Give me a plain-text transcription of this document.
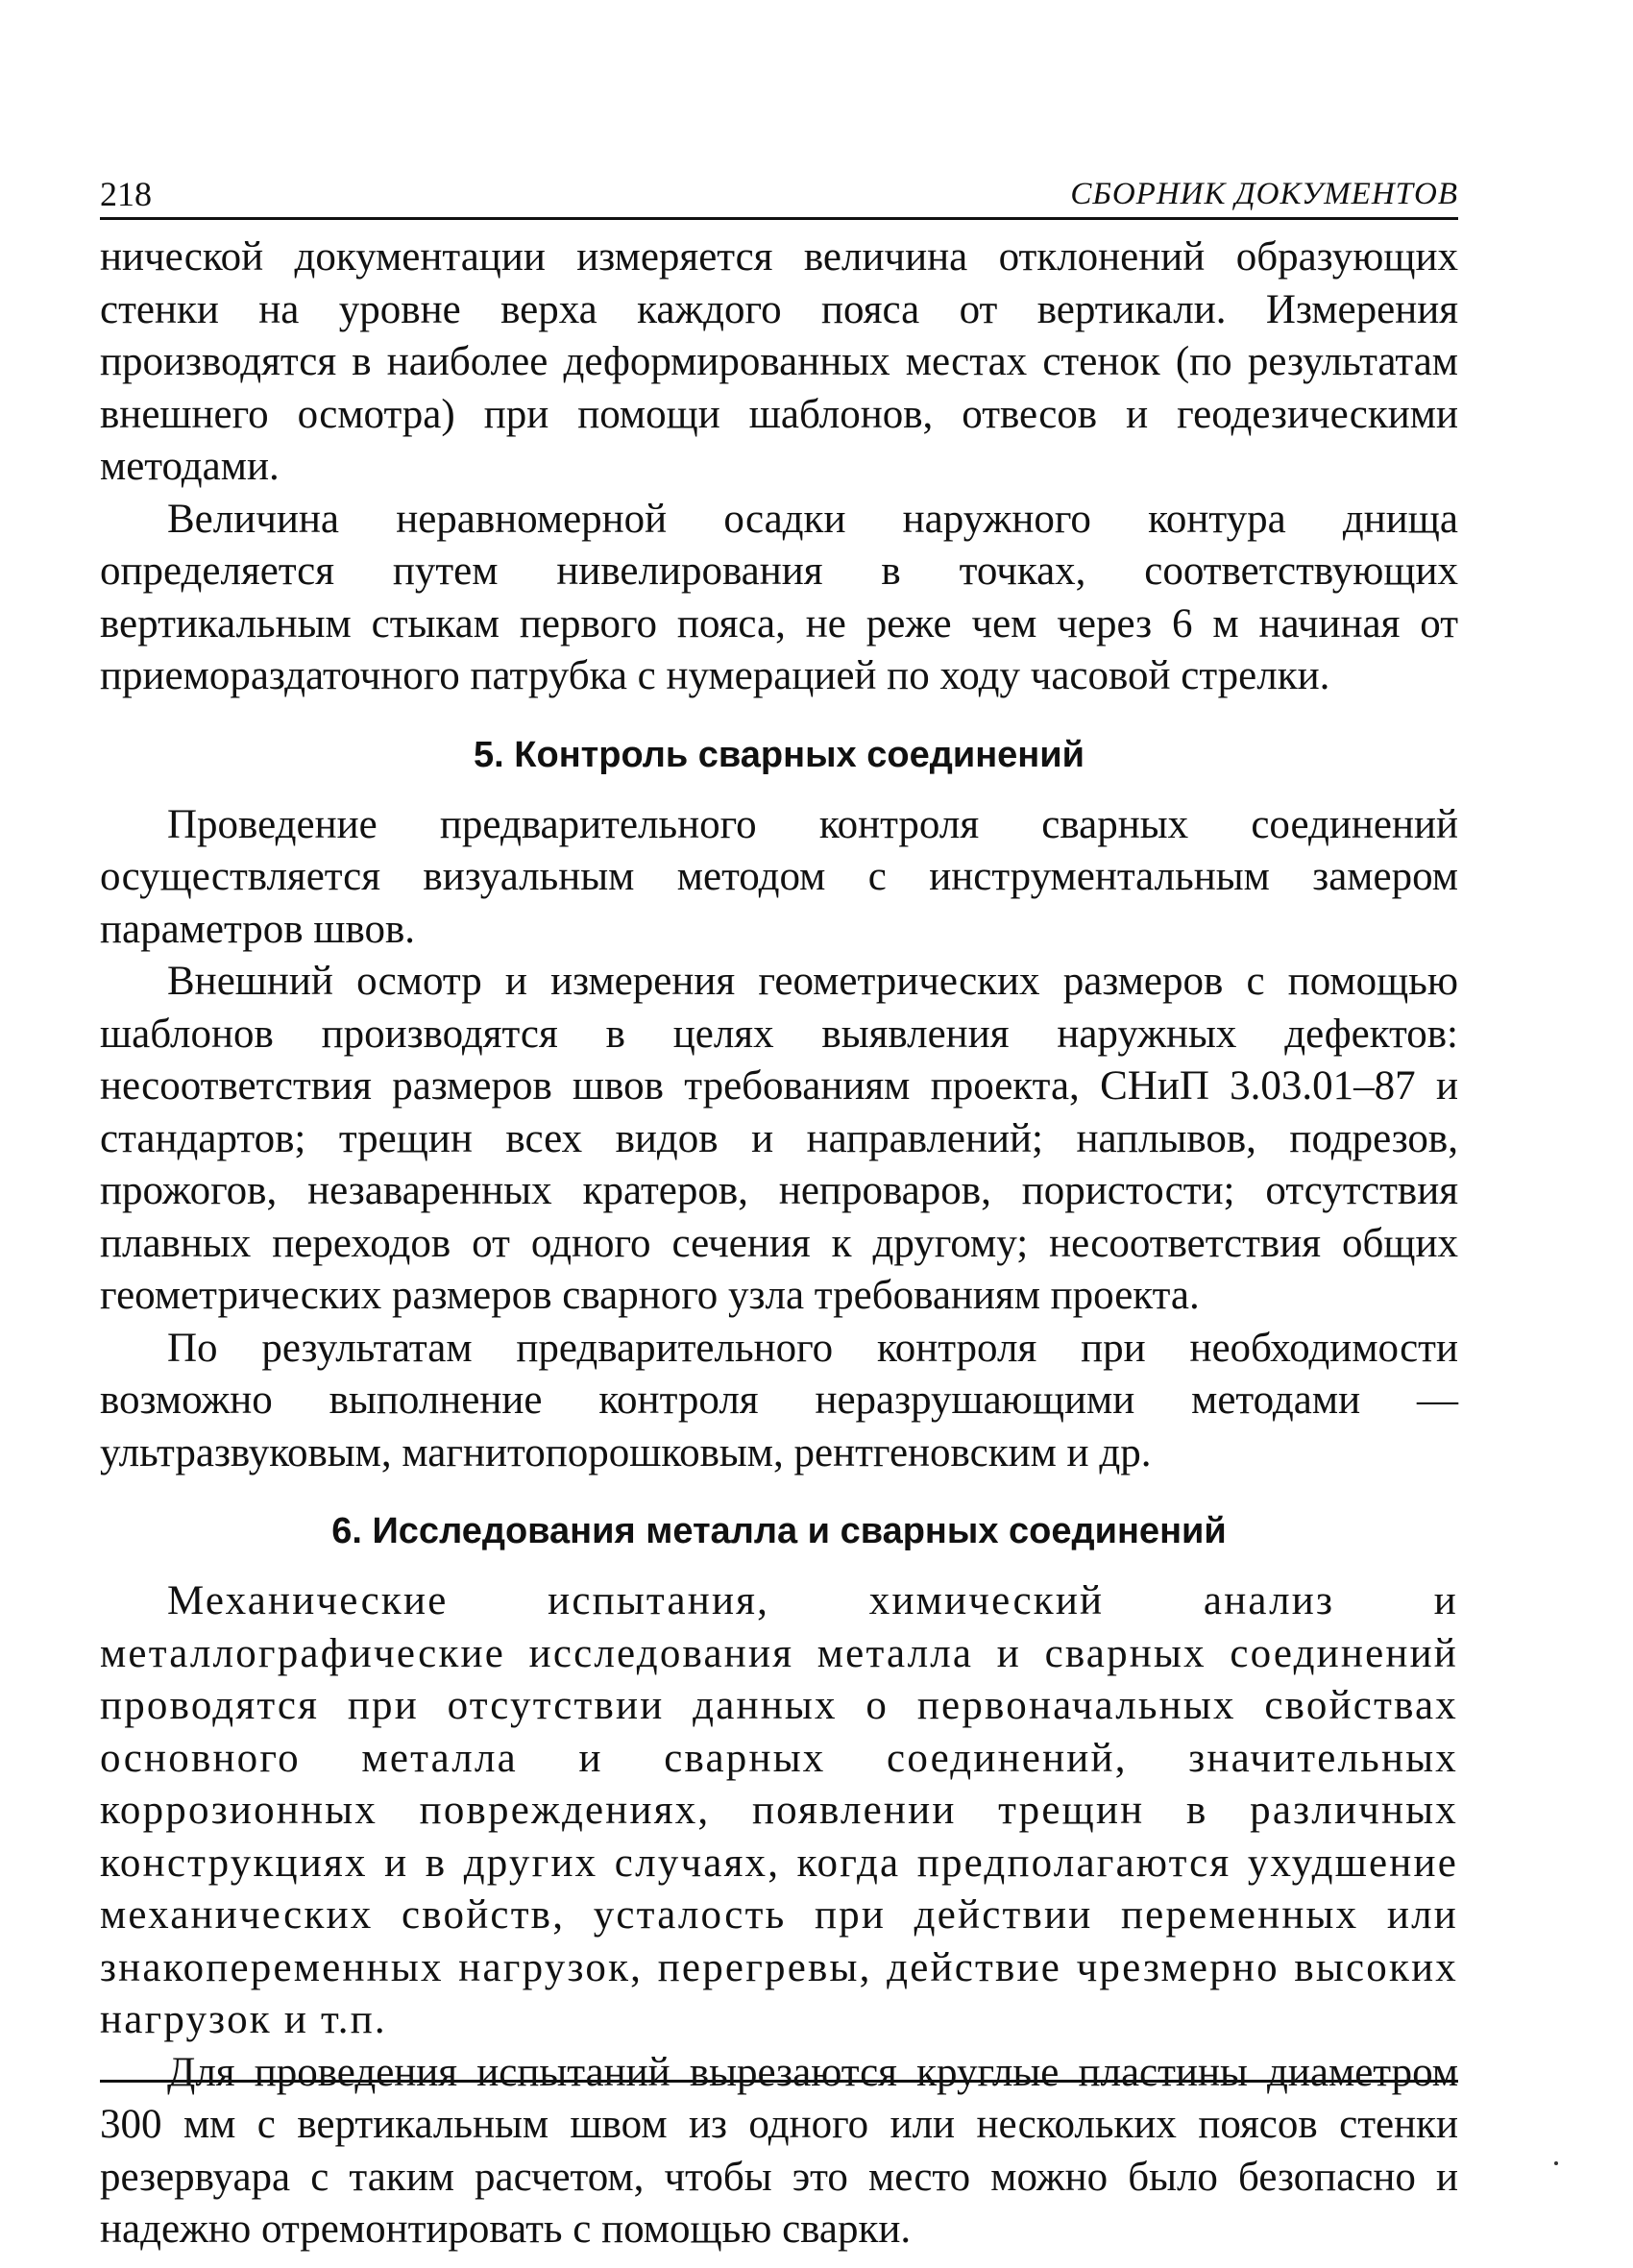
218	СБОРНИК ДОКУМЕНТОВ

нической документации измеряется величина отклонений образующих стенки на уровне верха каждого пояса от вертикали. Измерения производятся в наиболее деформированных местах стенок (по результатам внешнего осмотра) при помощи шаблонов, отвесов и геодезическими методами.

Величина неравномерной осадки наружного контура днища определяется путем нивелирования в точках, соответствующих вертикальным стыкам первого пояса, не реже чем через 6 м начиная от приемораздаточного патрубка с нумерацией по ходу часовой стрелки.

5. Контроль сварных соединений

Проведение предварительного контроля сварных соединений осуществляется визуальным методом с инструментальным замером параметров швов.

Внешний осмотр и измерения геометрических размеров с помощью шаблонов производятся в целях выявления наружных дефектов: несоответствия размеров швов требованиям проекта, СНиП 3.03.01–87 и стандартов; трещин всех видов и направлений; наплывов, подрезов, прожогов, незаваренных кратеров, непроваров, пористости; отсутствия плавных переходов от одного сечения к другому; несоответствия общих геометрических размеров сварного узла требованиям проекта.

По результатам предварительного контроля при необходимости возможно выполнение контроля неразрушающими методами — ультразвуковым, магнитопорошковым, рентгеновским и др.

6. Исследования металла и сварных соединений

Механические испытания, химический анализ и металлографические исследования металла и сварных соединений проводятся при отсутствии данных о первоначальных свойствах основного металла и сварных соединений, значительных коррозионных повреждениях, появлении трещин в различных конструкциях и в других случаях, когда предполагаются ухудшение механических свойств, усталость при действии переменных или знакопеременных нагрузок, перегревы, действие чрезмерно высоких нагрузок и т.п.

Для проведения испытаний вырезаются круглые пластины диаметром 300 мм с вертикальным швом из одного или нескольких поясов стенки резервуара с таким расчетом, чтобы это место можно было безопасно и надежно отремонтировать с помощью сварки.
